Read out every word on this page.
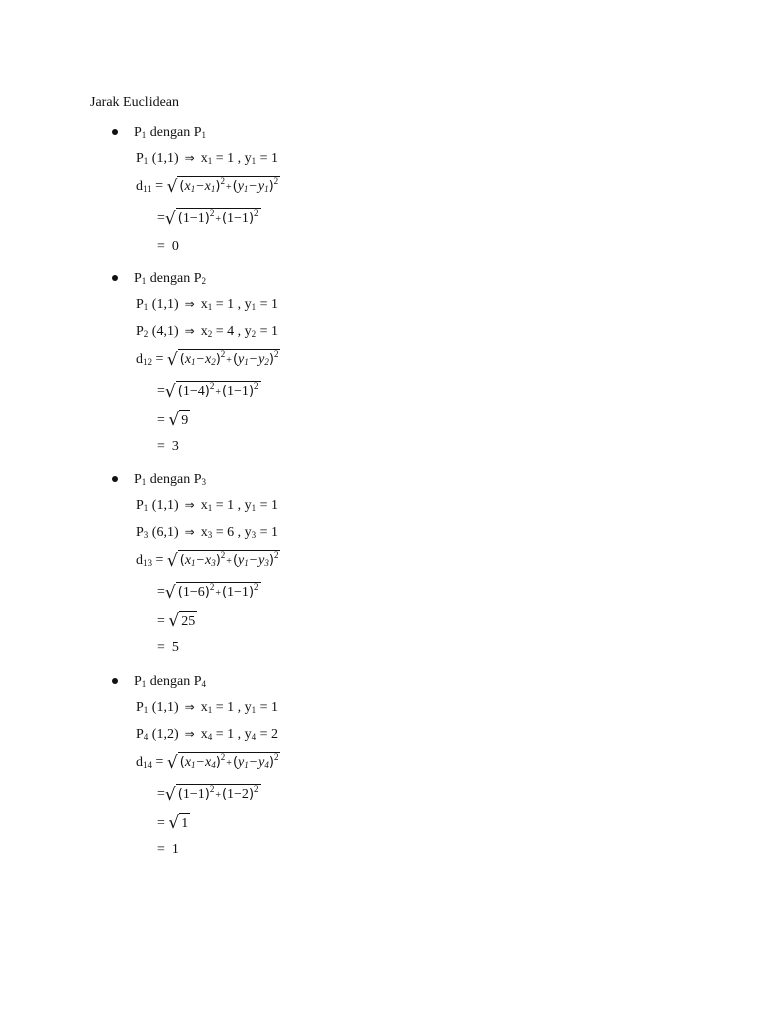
Jarak Euclidean
$P_1$ dengan $P_1$
$P_1$ (1,1) ⇒ $x_1 = 1$ , $y_1 = 1$
$d_{11}$ = √ $(x_1-x_1)^2+(y_1-y_1)^2$
=√ $(1-1)^2+(1-1)^2$
=  0
$P_1$ dengan $P_2$
$P_1$ (1,1) ⇒ $x_1 = 1$ , $y_1 = 1$
$P_2$ (4,1) ⇒ $x_2 = 4$ , $y_2 = 1$
$d_{12}$ = √ $(x_1-x_2)^2+(y_1-y_2)^2$
=√ $(1-4)^2+(1-1)^2$
= √ 9
=  3
$P_1$ dengan $P_3$
$P_1$ (1,1) ⇒ $x_1 = 1$ , $y_1 = 1$
$P_3$ (6,1) ⇒ $x_3 = 6$ , $y_3 = 1$
$d_{13}$ = √ $(x_1-x_3)^2+(y_1-y_3)^2$
=√ $(1-6)^2+(1-1)^2$
= √ 25
=  5
$P_1$ dengan $P_4$
$P_1$ (1,1) ⇒ $x_1 = 1$ , $y_1 = 1$
$P_4$ (1,2) ⇒ $x_4 = 1$ , $y_4 = 2$
$d_{14}$ = √ $(x_1-x_4)^2+(y_1-y_4)^2$
=√ $(1-1)^2+(1-2)^2$
= √ 1
=  1
